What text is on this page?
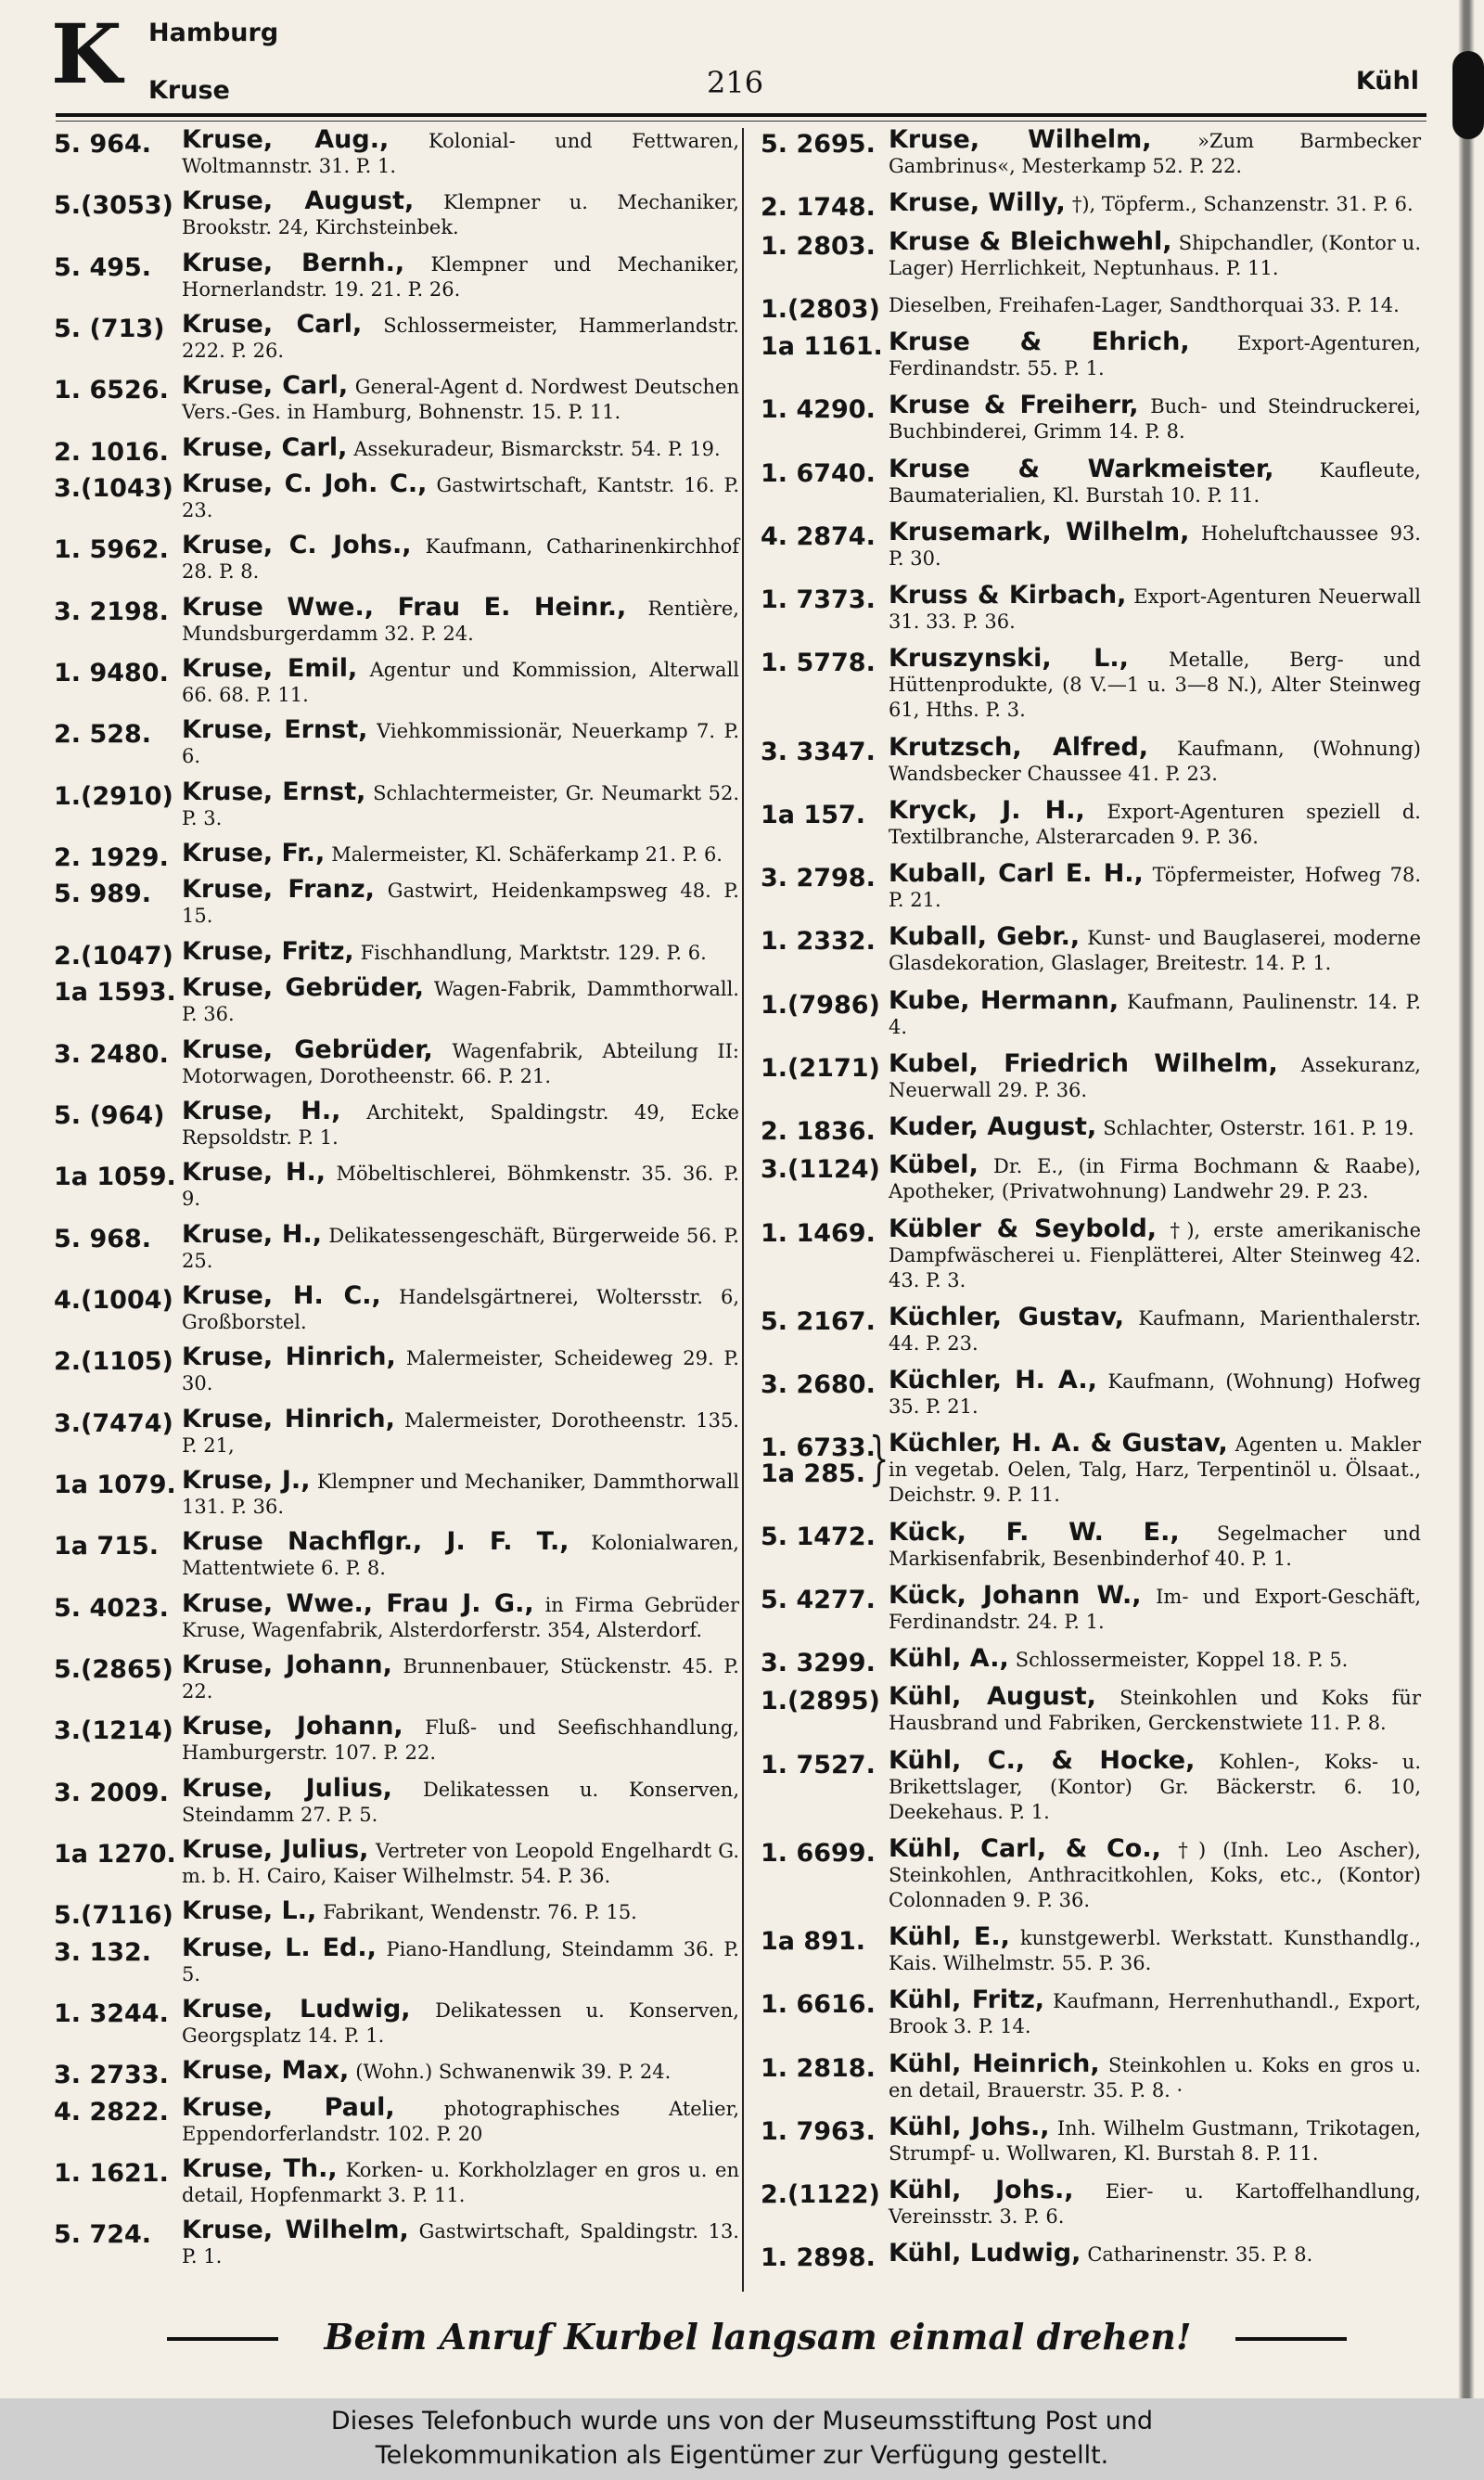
K Hamburg
Kruse	216	Kühl
5. 964. Kruse, Aug., Kolonial- und Fettwaren, Woltmannstr. 31. P. 1.
5.(3053) Kruse, August, Klempner u. Mechaniker, Brookstr. 24, Kirchsteinbek.
5. 495. Kruse, Bernh., Klempner und Mechaniker, Hornerlandstr. 19. 21. P. 26.
5. (713) Kruse, Carl, Schlossermeister, Hammerlandstr. 222. P. 26.
1. 6526. Kruse, Carl, General-Agent d. Nordwest Deutschen Vers.-Ges. in Hamburg, Bohnenstr. 15. P. 11.
2. 1016. Kruse, Carl, Assekuradeur, Bismarckstr. 54. P. 19.
3.(1043) Kruse, C. Joh. C., Gastwirtschaft, Kantstr. 16. P. 23.
1. 5962. Kruse, C. Johs., Kaufmann, Catharinenkirchhof 28. P. 8.
3. 2198. Kruse Wwe., Frau E. Heinr., Rentière, Mundsburgerdamm 32. P. 24.
1. 9480. Kruse, Emil, Agentur und Kommission, Alterwall 66. 68. P. 11.
2. 528. Kruse, Ernst, Viehkommissionär, Neuerkamp 7. P. 6.
1.(2910) Kruse, Ernst, Schlachtermeister, Gr. Neumarkt 52. P. 3.
2. 1929. Kruse, Fr., Malermeister, Kl. Schäferkamp 21. P. 6.
5. 989. Kruse, Franz, Gastwirt, Heidenkampsweg 48. P. 15.
2.(1047) Kruse, Fritz, Fischhandlung, Marktstr. 129. P. 6.
1a 1593. Kruse, Gebrüder, Wagen-Fabrik, Dammthorwall. P. 36.
3. 2480. Kruse, Gebrüder, Wagenfabrik, Abteilung II: Motorwagen, Dorotheenstr. 66. P. 21.
5. (964) Kruse, H., Architekt, Spaldingstr. 49, Ecke Repsoldstr. P. 1.
1a 1059. Kruse, H., Möbeltischlerei, Böhmkenstr. 35. 36. P. 9.
5. 968. Kruse, H., Delikatessengeschäft, Bürgerweide 56. P. 25.
4.(1004) Kruse, H. C., Handelsgärtnerei, Woltersstr. 6, Großborstel.
2.(1105) Kruse, Hinrich, Malermeister, Scheideweg 29. P. 30.
3.(7474) Kruse, Hinrich, Malermeister, Dorotheenstr. 135. P. 21,
1a 1079. Kruse, J., Klempner und Mechaniker, Dammthorwall 131. P. 36.
1a 715. Kruse Nachflgr., J. F. T., Kolonialwaren, Mattentwiete 6. P. 8.
5. 4023. Kruse, Wwe., Frau J. G., in Firma Gebrüder Kruse, Wagenfabrik, Alsterdorferstr. 354, Alsterdorf.
5.(2865) Kruse, Johann, Brunnenbauer, Stückenstr. 45. P. 22.
3.(1214) Kruse, Johann, Fluß- und Seefischhandlung, Hamburgerstr. 107. P. 22.
3. 2009. Kruse, Julius, Delikatessen u. Konserven, Steindamm 27. P. 5.
1a 1270. Kruse, Julius, Vertreter von Leopold Engelhardt G. m. b. H. Cairo, Kaiser Wilhelmstr. 54. P. 36.
5.(7116) Kruse, L., Fabrikant, Wendenstr. 76. P. 15.
3. 132. Kruse, L. Ed., Piano-Handlung, Steindamm 36. P. 5.
1. 3244. Kruse, Ludwig, Delikatessen u. Konserven, Georgsplatz 14. P. 1.
3. 2733. Kruse, Max, (Wohn.) Schwanenwik 39. P. 24.
4. 2822. Kruse, Paul,	photographisches Atelier, Eppendorferlandstr. 102. P. 20
1. 1621. Kruse, Th., Korken- u. Korkholzlager en gros u. en detail, Hopfenmarkt 3. P. 11.
5. 724. Kruse, Wilhelm, Gastwirtschaft, Spaldingstr. 13. P. 1.
5. 2695. Kruse, Wilhelm, »Zum Barmbecker Gambrinus«, Mesterkamp 52. P. 22.
2. 1748. Kruse, Willy, †), Töpferm., Schanzenstr. 31. P. 6.
1. 2803. Kruse & Bleichwehl, Shipchandler, (Kontor u. Lager) Herrlichkeit, Neptunhaus. P. 11.
1.(2803) Dieselben, Freihafen-Lager, Sandthorquai 33. P. 14.
1a 1161. Kruse & Ehrich, Export-Agenturen, Ferdinandstr. 55. P. 1.
1. 4290. Kruse & Freiherr, Buch- und Steindruckerei, Buchbinderei, Grimm 14. P. 8.
1. 6740. Kruse & Warkmeister, Kaufleute, Baumaterialien, Kl. Burstah 10. P. 11.
4. 2874. Krusemark, Wilhelm, Hoheluftchaussee 93. P. 30.
1. 7373. Kruss & Kirbach, Export-Agenturen Neuerwall 31. 33. P. 36.
1. 5778. Kruszynski, L., Metalle, Berg- und Hüttenprodukte, (8 V.—1 u. 3—8 N.), Alter Steinweg 61, Hths. P. 3.
3. 3347. Krutzsch, Alfred, Kaufmann, (Wohnung) Wandsbecker Chaussee 41. P. 23.
1a 157. Kryck, J. H., Export-Agenturen speziell d. Textilbranche, Alsterarcaden 9. P. 36.
3. 2798. Kuball, Carl E. H., Töpfermeister, Hofweg 78. P. 21.
1. 2332. Kuball, Gebr., Kunst- und Bauglaserei, moderne Glasdekoration, Glaslager, Breitestr. 14. P. 1.
1.(7986) Kube, Hermann, Kaufmann, Paulinenstr. 14. P. 4.
1.(2171) Kubel, Friedrich Wilhelm, Assekuranz, Neuerwall 29. P. 36.
2. 1836. Kuder, August, Schlachter, Osterstr. 161. P. 19.
3.(1124) Kübel, Dr. E., (in Firma Bochmann & Raabe), Apotheker, (Privatwohnung) Landwehr 29. P. 23.
1. 1469. Kübler & Seybold, †), erste amerikanische Dampfwäscherei u. Fienplätterei, Alter Steinweg 42. 43. P. 3.
5. 2167. Küchler, Gustav, Kaufmann, Marienthalerstr. 44. P. 23.
3. 2680. Küchler, H. A., Kaufmann, (Wohnung) Hofweg 35. P. 21.
1. 6733.
1a 285. } Küchler, H. A. & Gustav, Agenten u. Makler in vegetab. Oelen, Talg, Harz, Terpentinöl u. Ölsaat., Deichstr. 9. P. 11.
5. 1472. Kück, F. W. E., Segelmacher und Markisenfabrik, Besenbinderhof 40. P. 1.
5. 4277. Kück, Johann W., Im- und Export-Geschäft, Ferdinandstr. 24. P. 1.
3. 3299. Kühl, A., Schlossermeister, Koppel 18. P. 5.
1.(2895) Kühl, August, Steinkohlen und Koks für Hausbrand und Fabriken, Gerckenstwiete 11. P. 8.
1. 7527. Kühl, C., & Hocke, Kohlen-, Koks- u. Brikettslager, (Kontor) Gr. Bäckerstr. 6. 10, Deekehaus. P. 1.
1. 6699. Kühl, Carl, & Co., †) (Inh. Leo Ascher), Steinkohlen, Anthracitkohlen, Koks, etc., (Kontor) Colonnaden 9. P. 36.
1a 891. Kühl, E., kunstgewerbl. Werkstatt. Kunsthandlg., Kais. Wilhelmstr. 55. P. 36.
1. 6616. Kühl, Fritz, Kaufmann, Herrenhuthandl., Export, Brook 3. P. 14.
1. 2818. Kühl, Heinrich, Steinkohlen u. Koks en gros u. en detail, Brauerstr. 35. P. 8. ·
1. 7963. Kühl, Johs., Inh. Wilhelm Gustmann, Trikotagen, Strumpf- u. Wollwaren, Kl. Burstah 8. P. 11.
2.(1122) Kühl, Johs., Eier- u. Kartoffelhandlung, Vereinsstr. 3. P. 6.
1. 2898. Kühl, Ludwig, Catharinenstr. 35. P. 8.
Beim Anruf Kurbel langsam einmal drehen!
Dieses Telefonbuch wurde uns von der Museumsstiftung Post und
Telekommunikation als Eigentümer zur Verfügung gestellt.
